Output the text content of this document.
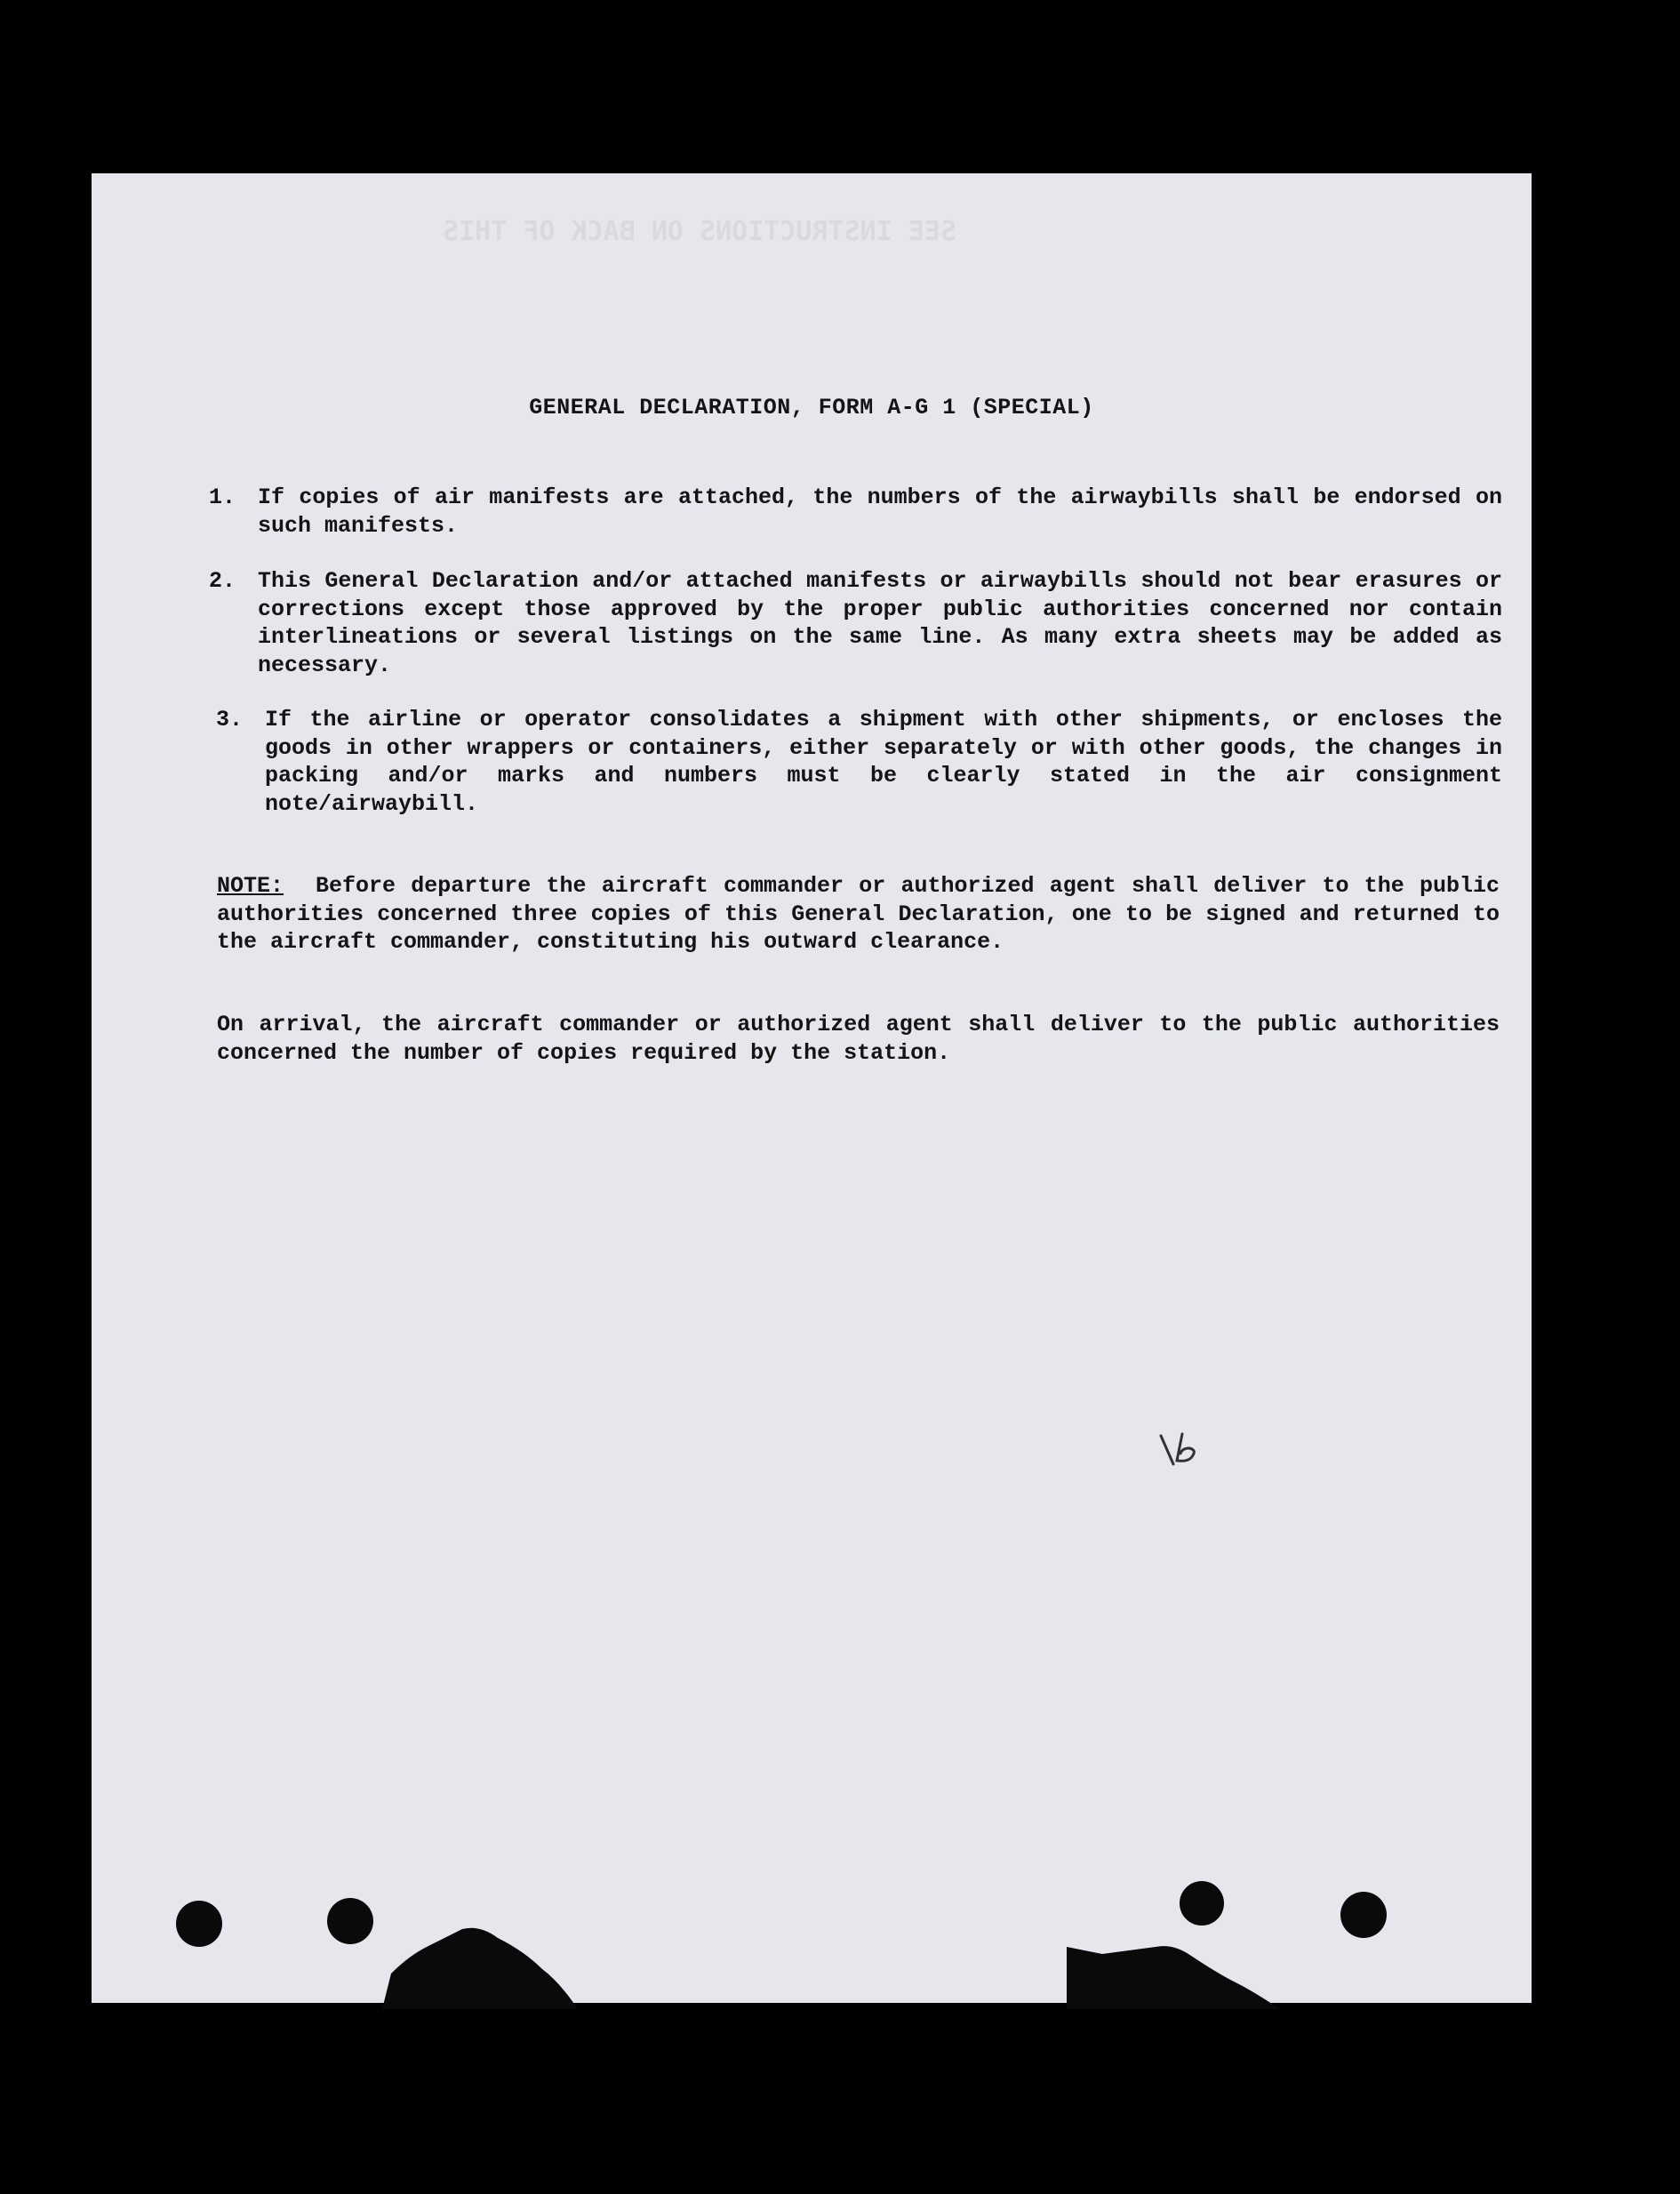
SEE INSTRUCTIONS ON BACK OF THIS
GENERAL DECLARATION, FORM A-G 1 (SPECIAL)
1. If copies of air manifests are attached, the numbers of the airwaybills shall be endorsed on such manifests.
2. This General Declaration and/or attached manifests or airwaybills should not bear erasures or corrections except those approved by the proper public authorities concerned nor contain interlineations or several listings on the same line. As many extra sheets may be added as necessary.
3. If the airline or operator consolidates a shipment with other shipments, or encloses the goods in other wrappers or containers, either separately or with other goods, the changes in packing and/or marks and numbers must be clearly stated in the air consignment note/airwaybill.
NOTE: Before departure the aircraft commander or authorized agent shall deliver to the public authorities concerned three copies of this General Declaration, one to be signed and returned to the aircraft commander, constituting his outward clearance.
On arrival, the aircraft commander or authorized agent shall deliver to the public authorities concerned the number of copies required by the station.
